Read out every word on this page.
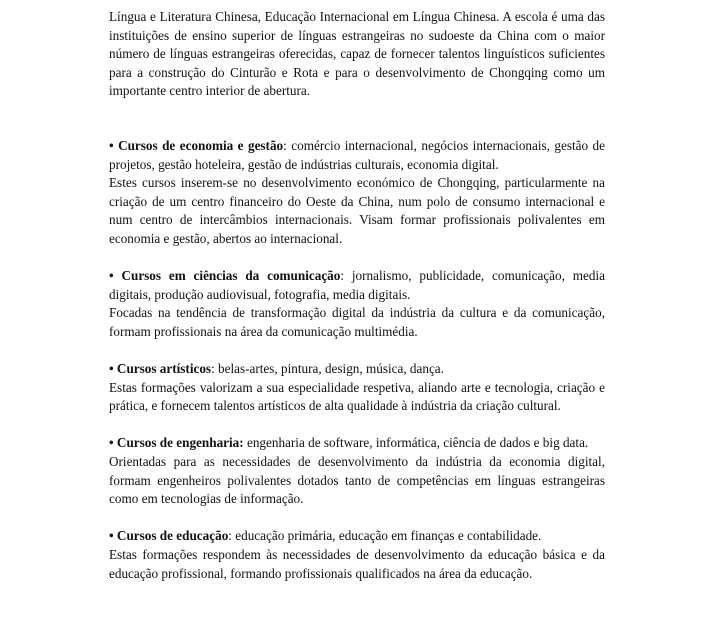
Língua e Literatura Chinesa, Educação Internacional em Língua Chinesa. A escola é uma das instituições de ensino superior de línguas estrangeiras no sudoeste da China com o maior número de línguas estrangeiras oferecidas, capaz de fornecer talentos linguísticos suficientes para a construção do Cinturão e Rota e para o desenvolvimento de Chongqing como um importante centro interior de abertura.

• Cursos de economia e gestão: comércio internacional, negócios internacionais, gestão de projetos, gestão hoteleira, gestão de indústrias culturais, economia digital.

Estes cursos inserem-se no desenvolvimento económico de Chongqing, particularmente na criação de um centro financeiro do Oeste da China, num polo de consumo internacional e num centro de intercâmbios internacionais. Visam formar profissionais polivalentes em economia e gestão, abertos ao internacional.

• Cursos em ciências da comunicação: jornalismo, publicidade, comunicação, media digitais, produção audiovisual, fotografia, media digitais.

Focadas na tendência de transformação digital da indústria da cultura e da comunicação, formam profissionais na área da comunicação multimédia.

• Cursos artísticos: belas-artes, pintura, design, música, dança.

Estas formações valorizam a sua especialidade respetiva, aliando arte e tecnologia, criação e prática, e fornecem talentos artísticos de alta qualidade à indústria da criação cultural.

• Cursos de engenharia: engenharia de software, informática, ciência de dados e big data.

Orientadas para as necessidades de desenvolvimento da indústria da economia digital, formam engenheiros polivalentes dotados tanto de competências em línguas estrangeiras como em tecnologias de informação.

• Cursos de educação: educação primária, educação em finanças e contabilidade.

Estas formações respondem às necessidades de desenvolvimento da educação básica e da educação profissional, formando profissionais qualificados na área da educação.
